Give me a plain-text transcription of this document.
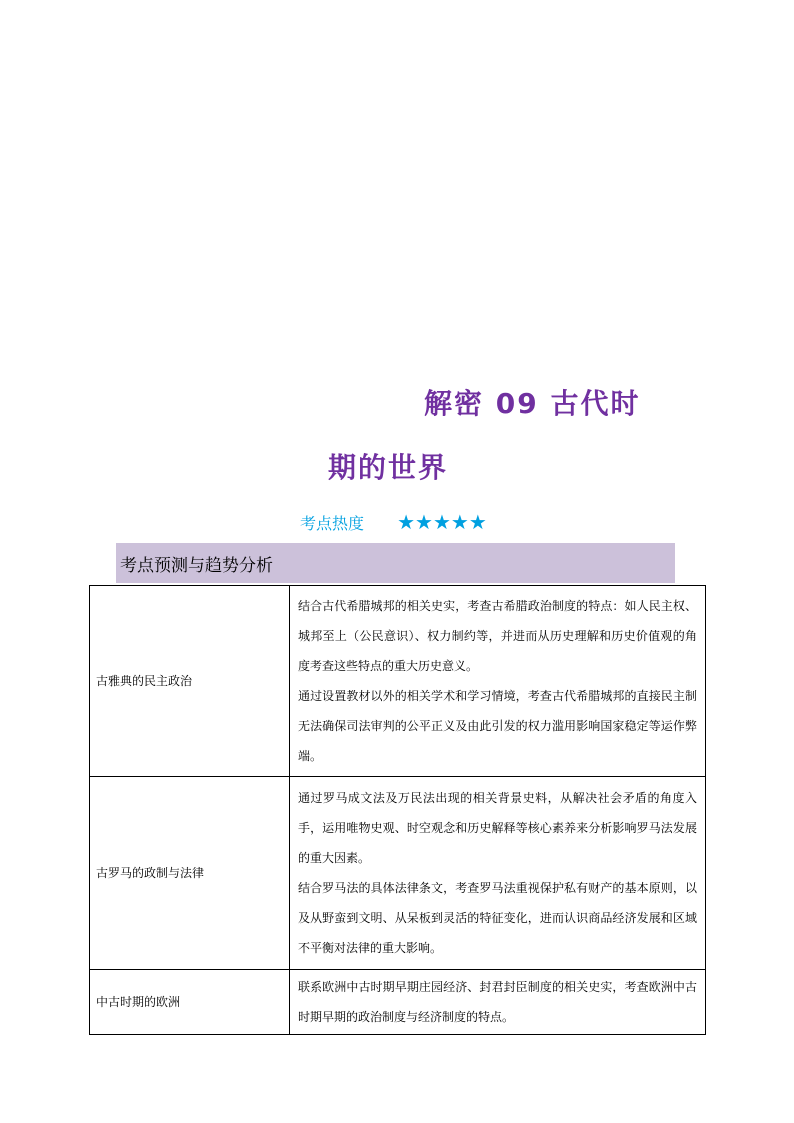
解密 09 古代时
期的世界
考点热度 ★★★★★
考点预测与趋势分析
古雅典的民主政治	结合古代希腊城邦的相关史实，考查古希腊政治制度的特点：如人民主权、城邦至上（公民意识）、权力制约等，并进而从历史理解和历史价值观的角度考查这些特点的重大历史意义。
通过设置教材以外的相关学术和学习情境，考查古代希腊城邦的直接民主制无法确保司法审判的公平正义及由此引发的权力滥用影响国家稳定等运作弊端。

古罗马的政制与法律	通过罗马成文法及万民法出现的相关背景史料，从解决社会矛盾的角度入手，运用唯物史观、时空观念和历史解释等核心素养来分析影响罗马法发展的重大因素。
结合罗马法的具体法律条文，考查罗马法重视保护私有财产的基本原则，以及从野蛮到文明、从呆板到灵活的特征变化，进而认识商品经济发展和区域不平衡对法律的重大影响。

中古时期的欧洲	联系欧洲中古时期早期庄园经济、封君封臣制度的相关史实，考查欧洲中古时期早期的政治制度与经济制度的特点。
